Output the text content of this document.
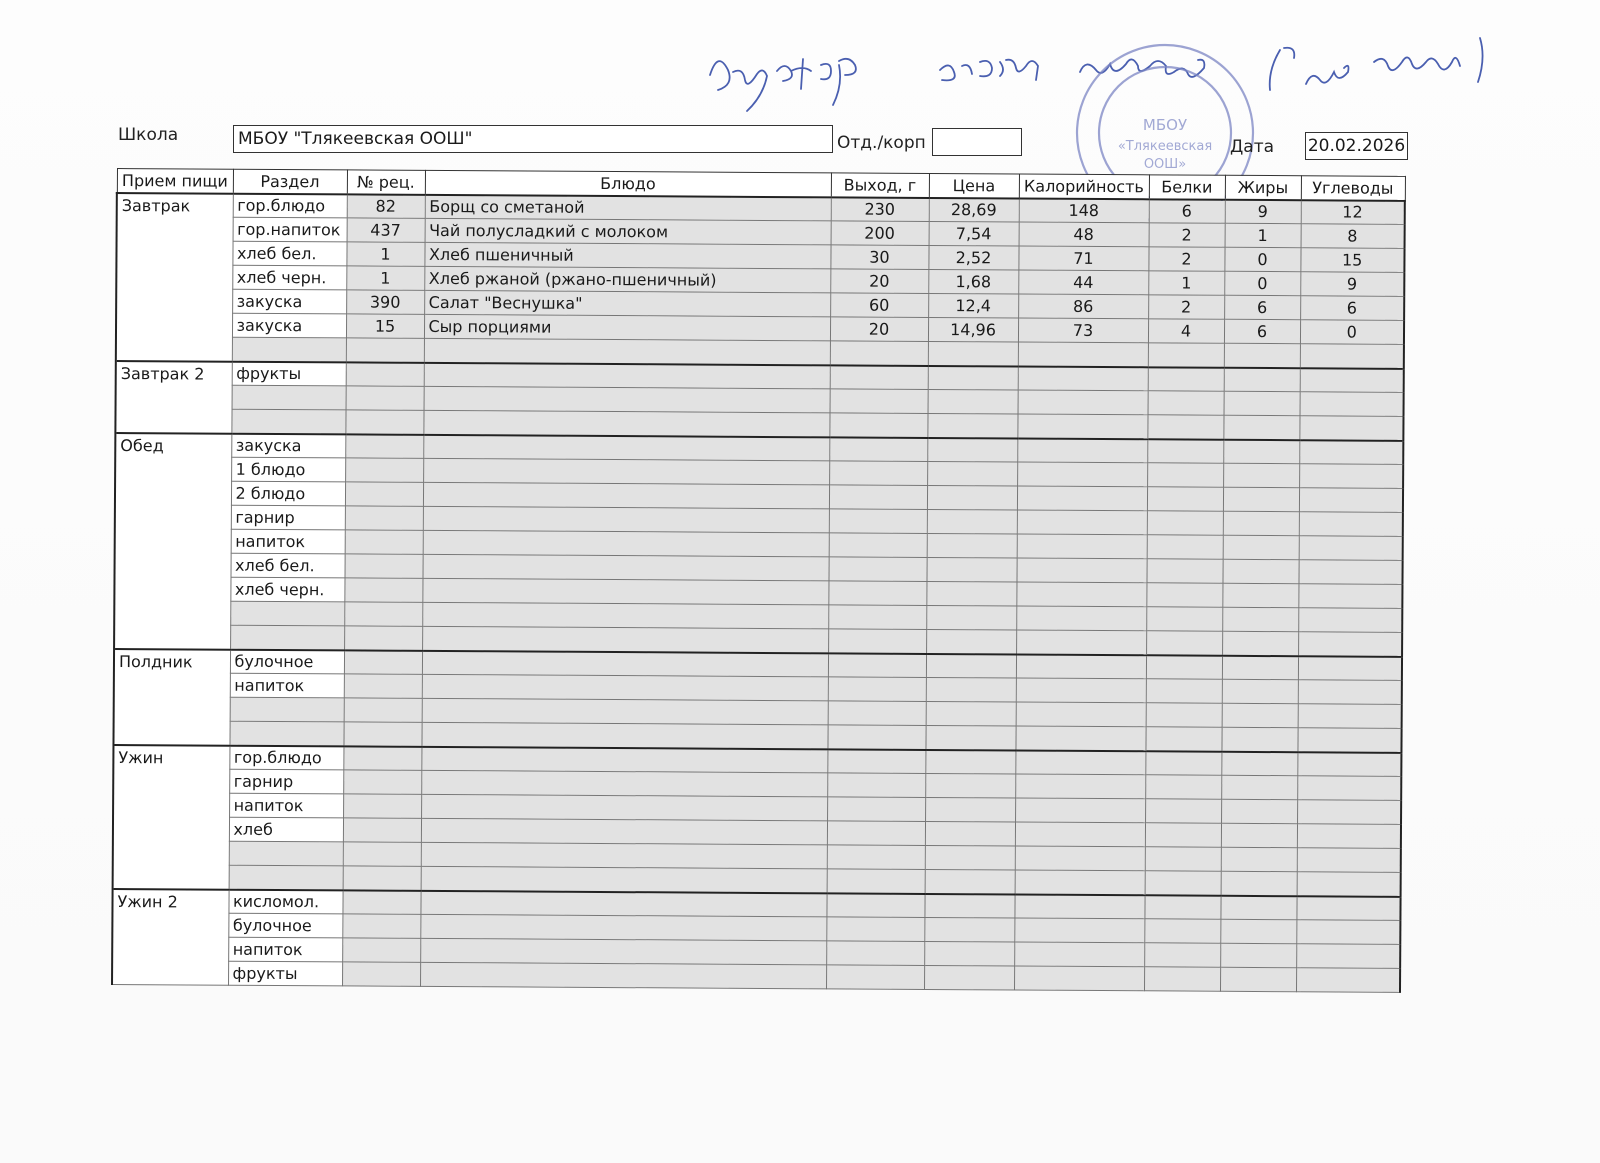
МБОУ
«Тлякеевская
ООШ»
Школа	МБОУ "Тлякеевская ООШ"	Отд./корп	Дата 20.02.2026
Прием пищи	Раздел	№ рец.	Блюдо	Выход, г	Цена	Калорийность	Белки	Жиры	Углеводы
Завтрак	гор.блюдо	82	Борщ со сметаной	230	28,69	148	6	9	12
	гор.напиток	437	Чай полусладкий с молоком	200	7,54	48	2	1	8
	хлеб бел.	1	Хлеб пшеничный	30	2,52	71	2	0	15
	хлеб черн.	1	Хлеб ржаной (ржано-пшеничный)	20	1,68	44	1	0	9
	закуска	390	Салат "Веснушка"	60	12,4	86	2	6	6
	закуска	15	Сыр порциями	20	14,96	73	4	6	0

Завтрак 2	фрукты								

Обед	закуска								
	1 блюдо								
	2 блюдо								
	гарнир								
	напиток								
	хлеб бел.								
	хлеб черн.								

Полдник	булочное								
	напиток								

Ужин	гор.блюдо								
	гарнир								
	напиток								
	хлеб								

Ужин 2	кисломол.								
	булочное								
	напиток								
	фрукты								
